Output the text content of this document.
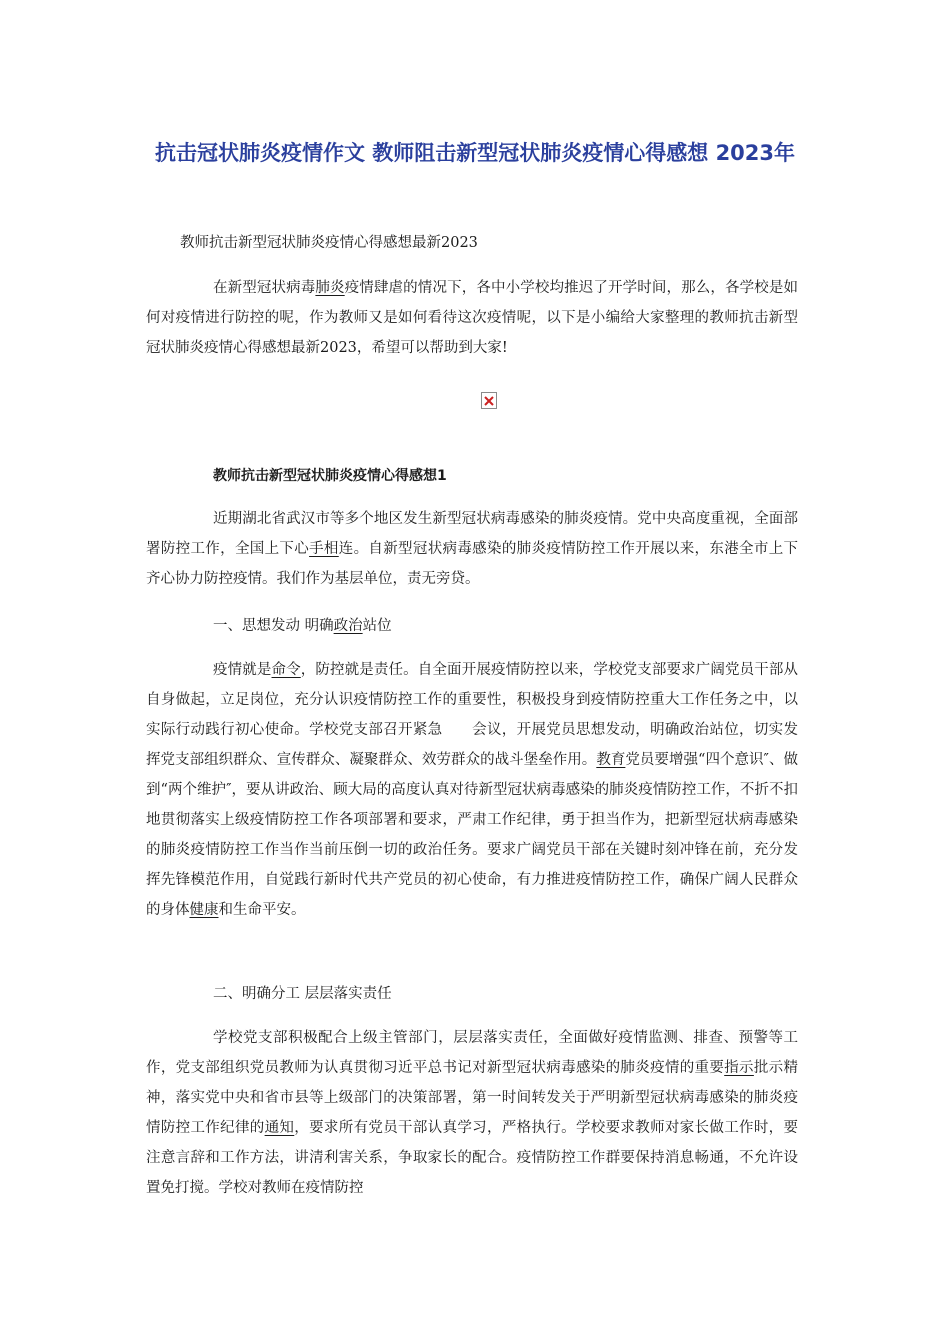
抗击冠状肺炎疫情作文 教师阻击新型冠状肺炎疫情心得感想 2023年

教师抗击新型冠状肺炎疫情心得感想最新2023

在新型冠状病毒肺炎疫情肆虐的情况下，各中小学校均推迟了开学时间，那么，各学校是如何对疫情进行防控的呢，作为教师又是如何看待这次疫情呢，以下是小编给大家整理的教师抗击新型冠状肺炎疫情心得感想最新2023，希望可以帮助到大家!

教师抗击新型冠状肺炎疫情心得感想1

近期湖北省武汉市等多个地区发生新型冠状病毒感染的肺炎疫情。党中央高度重视，全面部署防控工作，全国上下心手相连。自新型冠状病毒感染的肺炎疫情防控工作开展以来，东港全市上下齐心协力防控疫情。我们作为基层单位，责无旁贷。

一、思想发动 明确政治站位

疫情就是命令，防控就是责任。自全面开展疫情防控以来，学校党支部要求广阔党员干部从自身做起，立足岗位，充分认识疫情防控工作的重要性，积极投身到疫情防控重大工作任务之中，以实际行动践行初心使命。学校党支部召开紧急　　会议，开展党员思想发动，明确政治站位，切实发挥党支部组织群众、宣传群众、凝聚群众、效劳群众的战斗堡垒作用。教育党员要增强“四个意识″、做到“两个维护″，要从讲政治、顾大局的高度认真对待新型冠状病毒感染的肺炎疫情防控工作，不折不扣地贯彻落实上级疫情防控工作各项部署和要求，严肃工作纪律，勇于担当作为，把新型冠状病毒感染的肺炎疫情防控工作当作当前压倒一切的政治任务。要求广阔党员干部在关键时刻冲锋在前，充分发挥先锋模范作用，自觉践行新时代共产党员的初心使命，有力推进疫情防控工作，确保广阔人民群众的身体健康和生命平安。

二、明确分工 层层落实责任

学校党支部积极配合上级主管部门，层层落实责任，全面做好疫情监测、排查、预警等工作，党支部组织党员教师为认真贯彻习近平总书记对新型冠状病毒感染的肺炎疫情的重要指示批示精神，落实党中央和省市县等上级部门的决策部署，第一时间转发关于严明新型冠状病毒感染的肺炎疫情防控工作纪律的通知，要求所有党员干部认真学习，严格执行。学校要求教师对家长做工作时，要注意言辞和工作方法，讲清利害关系，争取家长的配合。疫情防控工作群要保持消息畅通，不允许设置免打搅。学校对教师在疫情防控
